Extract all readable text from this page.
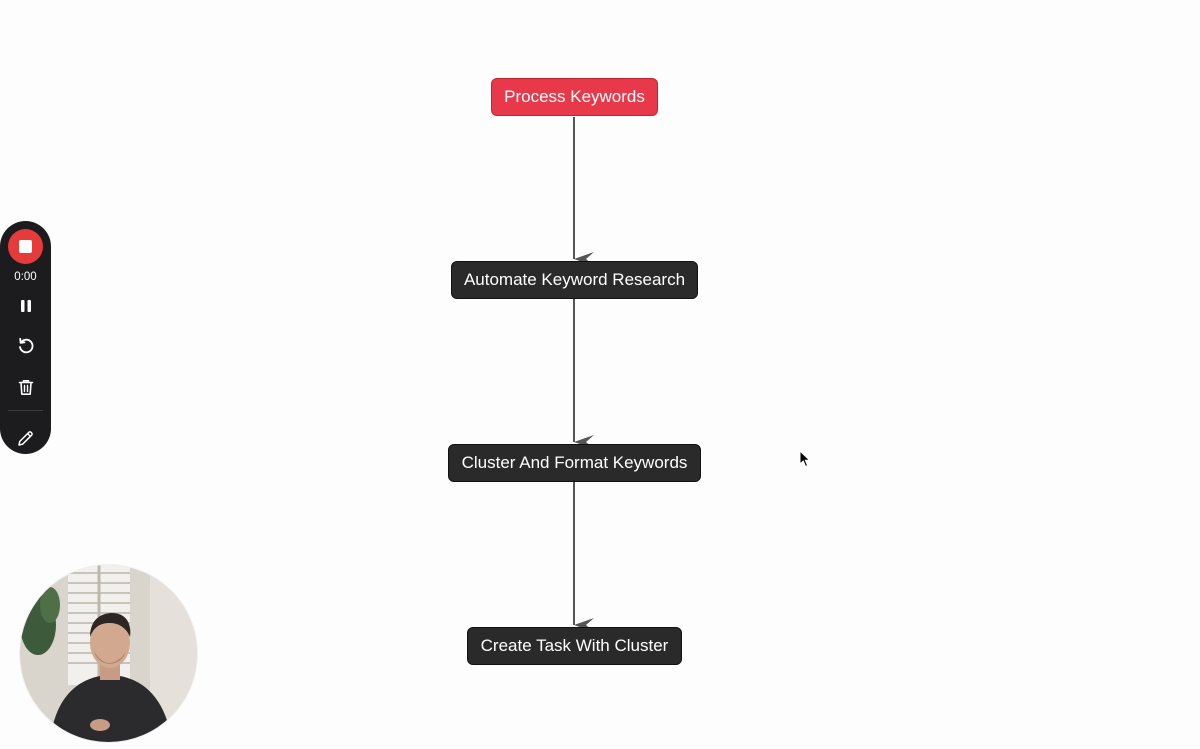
Process Keywords
Automate Keyword Research
Cluster And Format Keywords
Create Task With Cluster
0:00
